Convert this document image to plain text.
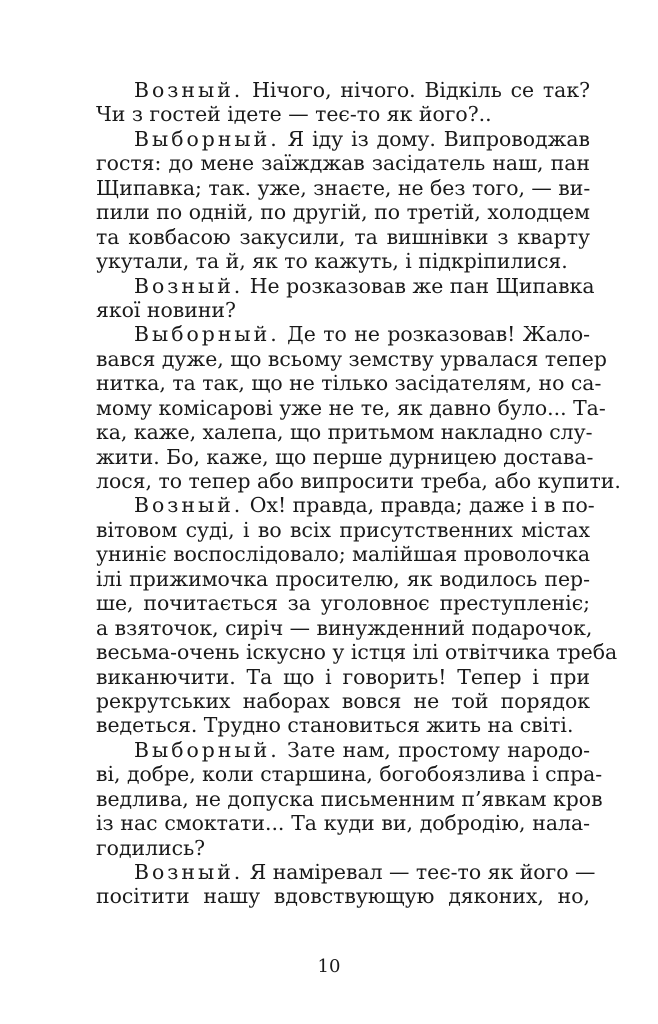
Возный. Нічого, нічого. Відкіль се так?
Чи з гостей ідете — теє-то як його?..
Выборный. Я іду із дому. Випроводжав
гостя: до мене заїжджав засідатель наш, пан
Щипавка; так. уже, знаєте, не без того, — ви-
пили по одній, по другій, по третій, холодцем
та ковбасою закусили, та вишнівки з кварту
укутали, та й, як то кажуть, і підкріпилися.
Возный. Не розказовав же пан Щипавка
якої новини?
Выборный. Де то не розказовав! Жало-
вався дуже, що всьому земству урвалася тепер
нитка, та так, що не тілько засідателям, но са-
мому комісарові уже не те, як давно було... Та-
ка, каже, халепа, що притьмом накладно слу-
жити. Бо, каже, що перше дурницею достава-
лося, то тепер або випросити треба, або купити.
Возный. Ох! правда, правда; даже і в по-
вітовом суді, і во всіх присутственних містах
униніє воспослідовало; малійшая проволочка
ілі прижимочка просителю, як водилось пер-
ше, почитається за уголовноє преступленіє;
а взяточок, сиріч — винужденний подарочок,
весьма-очень іскусно у істця ілі отвітчика треба
виканючити. Та що і говорить! Тепер і при
рекрутських наборах вовся не той порядок
ведеться. Трудно становиться жить на світі.
Выборный. Зате нам, простому народо-
ві, добре, коли старшина, богобоязлива і спра-
ведлива, не допуска письменним п’явкам кров
із нас смоктати... Та куди ви, добродію, нала-
годились?
Возный. Я намірeвал — теє-то як його —
посітити нашу вдовствующую дяконих, но,
10
